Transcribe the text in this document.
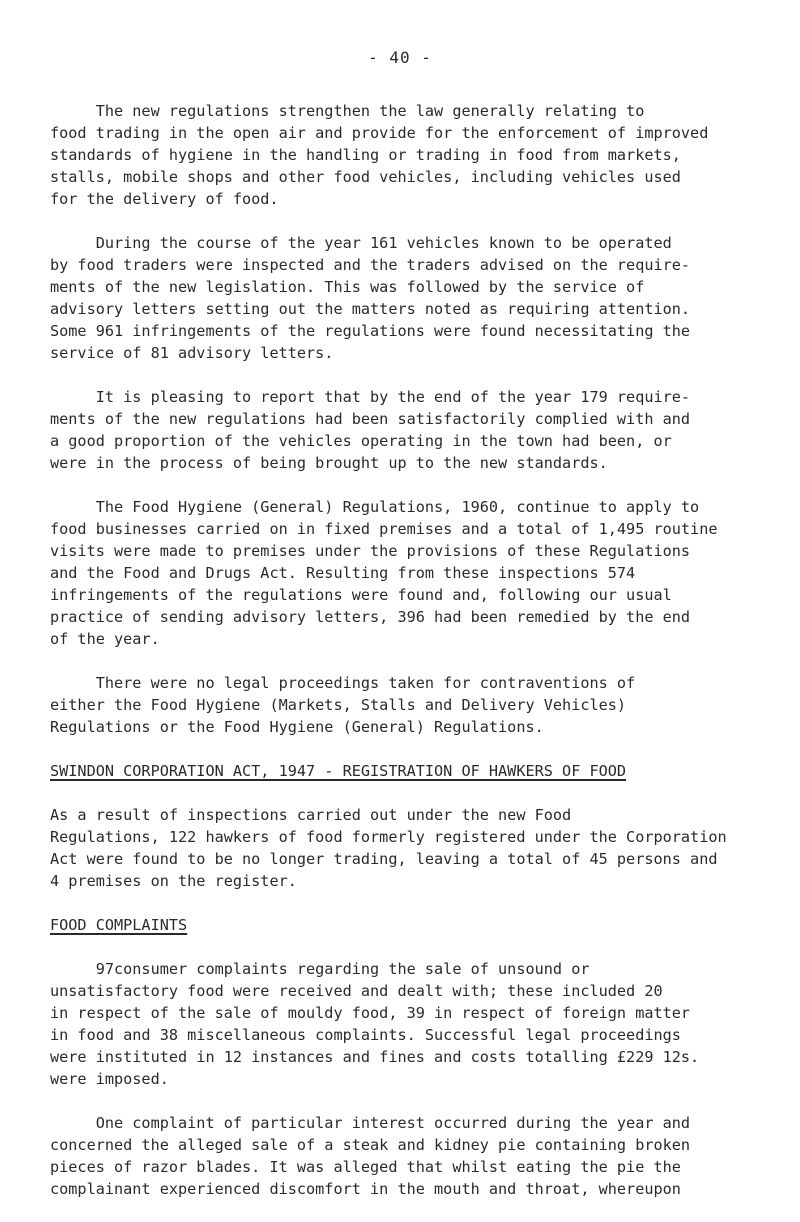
- 40 -
The new regulations strengthen the law generally relating to
food trading in the open air and provide for the enforcement of improved
standards of hygiene in the handling or trading in food from markets,
stalls, mobile shops and other food vehicles, including vehicles used
for the delivery of food.
During the course of the year 161 vehicles known to be operated
by food traders were inspected and the traders advised on the require-
ments of the new legislation. This was followed by the service of
advisory letters setting out the matters noted as requiring attention.
Some 961 infringements of the regulations were found necessitating the
service of 81 advisory letters.
It is pleasing to report that by the end of the year 179 require-
ments of the new regulations had been satisfactorily complied with and
a good proportion of the vehicles operating in the town had been, or
were in the process of being brought up to the new standards.
The Food Hygiene (General) Regulations, 1960, continue to apply to
food businesses carried on in fixed premises and a total of 1,495 routine
visits were made to premises under the provisions of these Regulations
and the Food and Drugs Act. Resulting from these inspections 574
infringements of the regulations were found and, following our usual
practice of sending advisory letters, 396 had been remedied by the end
of the year.
There were no legal proceedings taken for contraventions of
either the Food Hygiene (Markets, Stalls and Delivery Vehicles)
Regulations or the Food Hygiene (General) Regulations.
SWINDON CORPORATION ACT, 1947 - REGISTRATION OF HAWKERS OF FOOD
As a result of inspections carried out under the new Food
Regulations, 122 hawkers of food formerly registered under the Corporation
Act were found to be no longer trading, leaving a total of 45 persons and
4 premises on the register.
FOOD COMPLAINTS
97consumer complaints regarding the sale of unsound or
unsatisfactory food were received and dealt with; these included 20
in respect of the sale of mouldy food, 39 in respect of foreign matter
in food and 38 miscellaneous complaints. Successful legal proceedings
were instituted in 12 instances and fines and costs totalling £229 12s.
were imposed.
One complaint of particular interest occurred during the year and
concerned the alleged sale of a steak and kidney pie containing broken
pieces of razor blades. It was alleged that whilst eating the pie the
complainant experienced discomfort in the mouth and throat, whereupon
